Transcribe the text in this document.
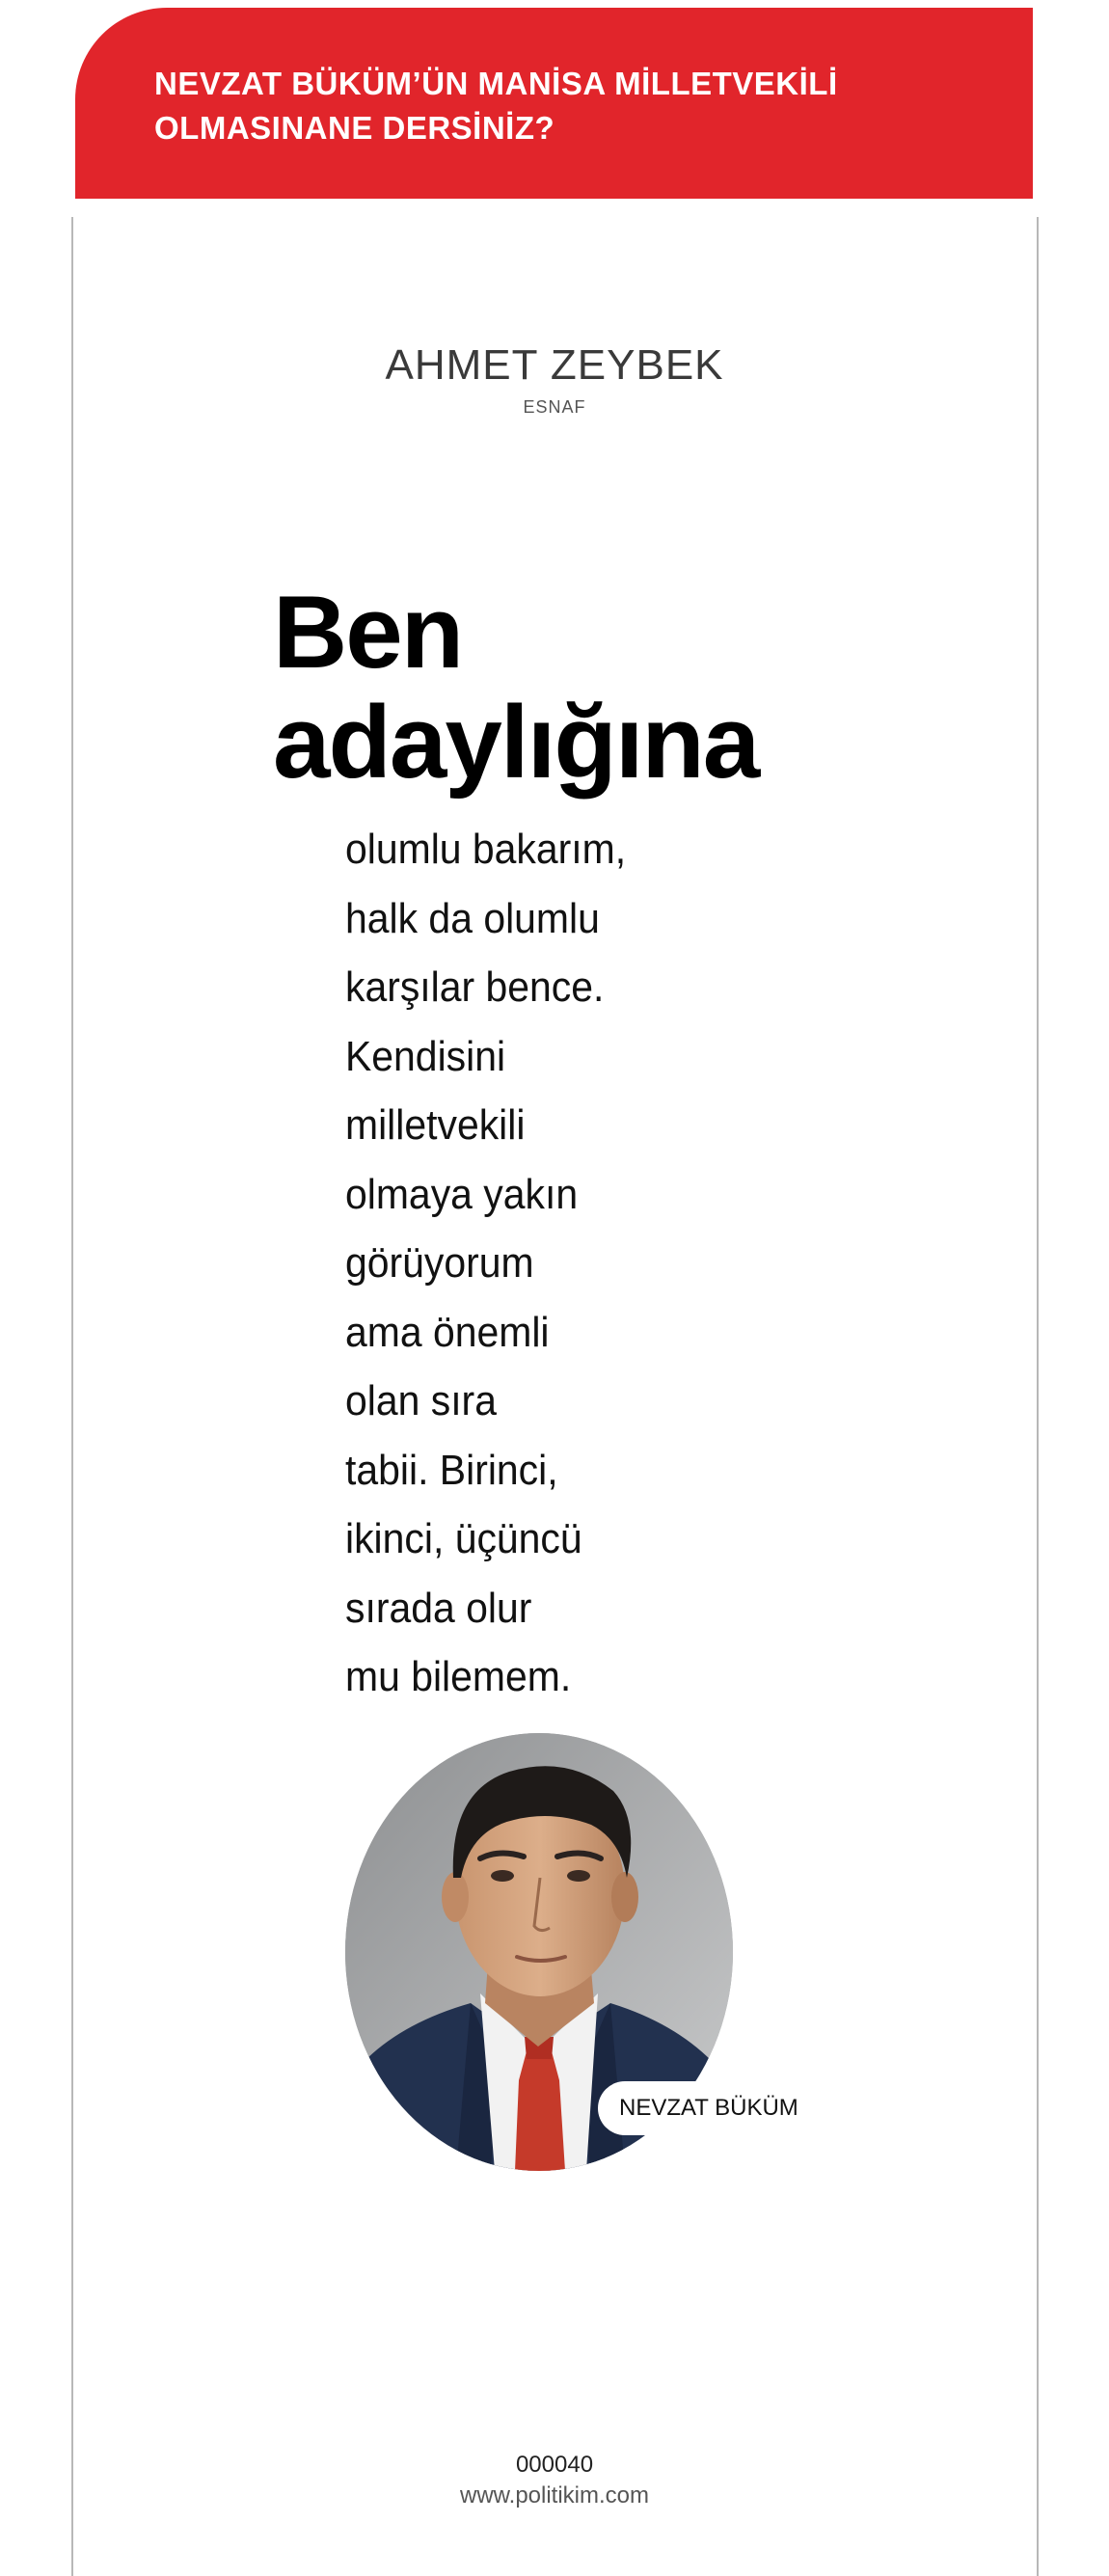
NEVZAT BÜKÜM’ÜN MANİSA MİLLETVEKİLİ
OLMASINANE DERSİNİZ?
AHMET ZEYBEK
ESNAF
Ben
adaylığına
olumlu bakarım,
halk da olumlu
karşılar bence.
Kendisini
milletvekili
olmaya yakın
görüyorum
ama önemli
olan sıra
tabii. Birinci,
ikinci, üçüncü
sırada olur
mu bilemem.
NEVZAT BÜKÜM
000040
www.politikim.com
